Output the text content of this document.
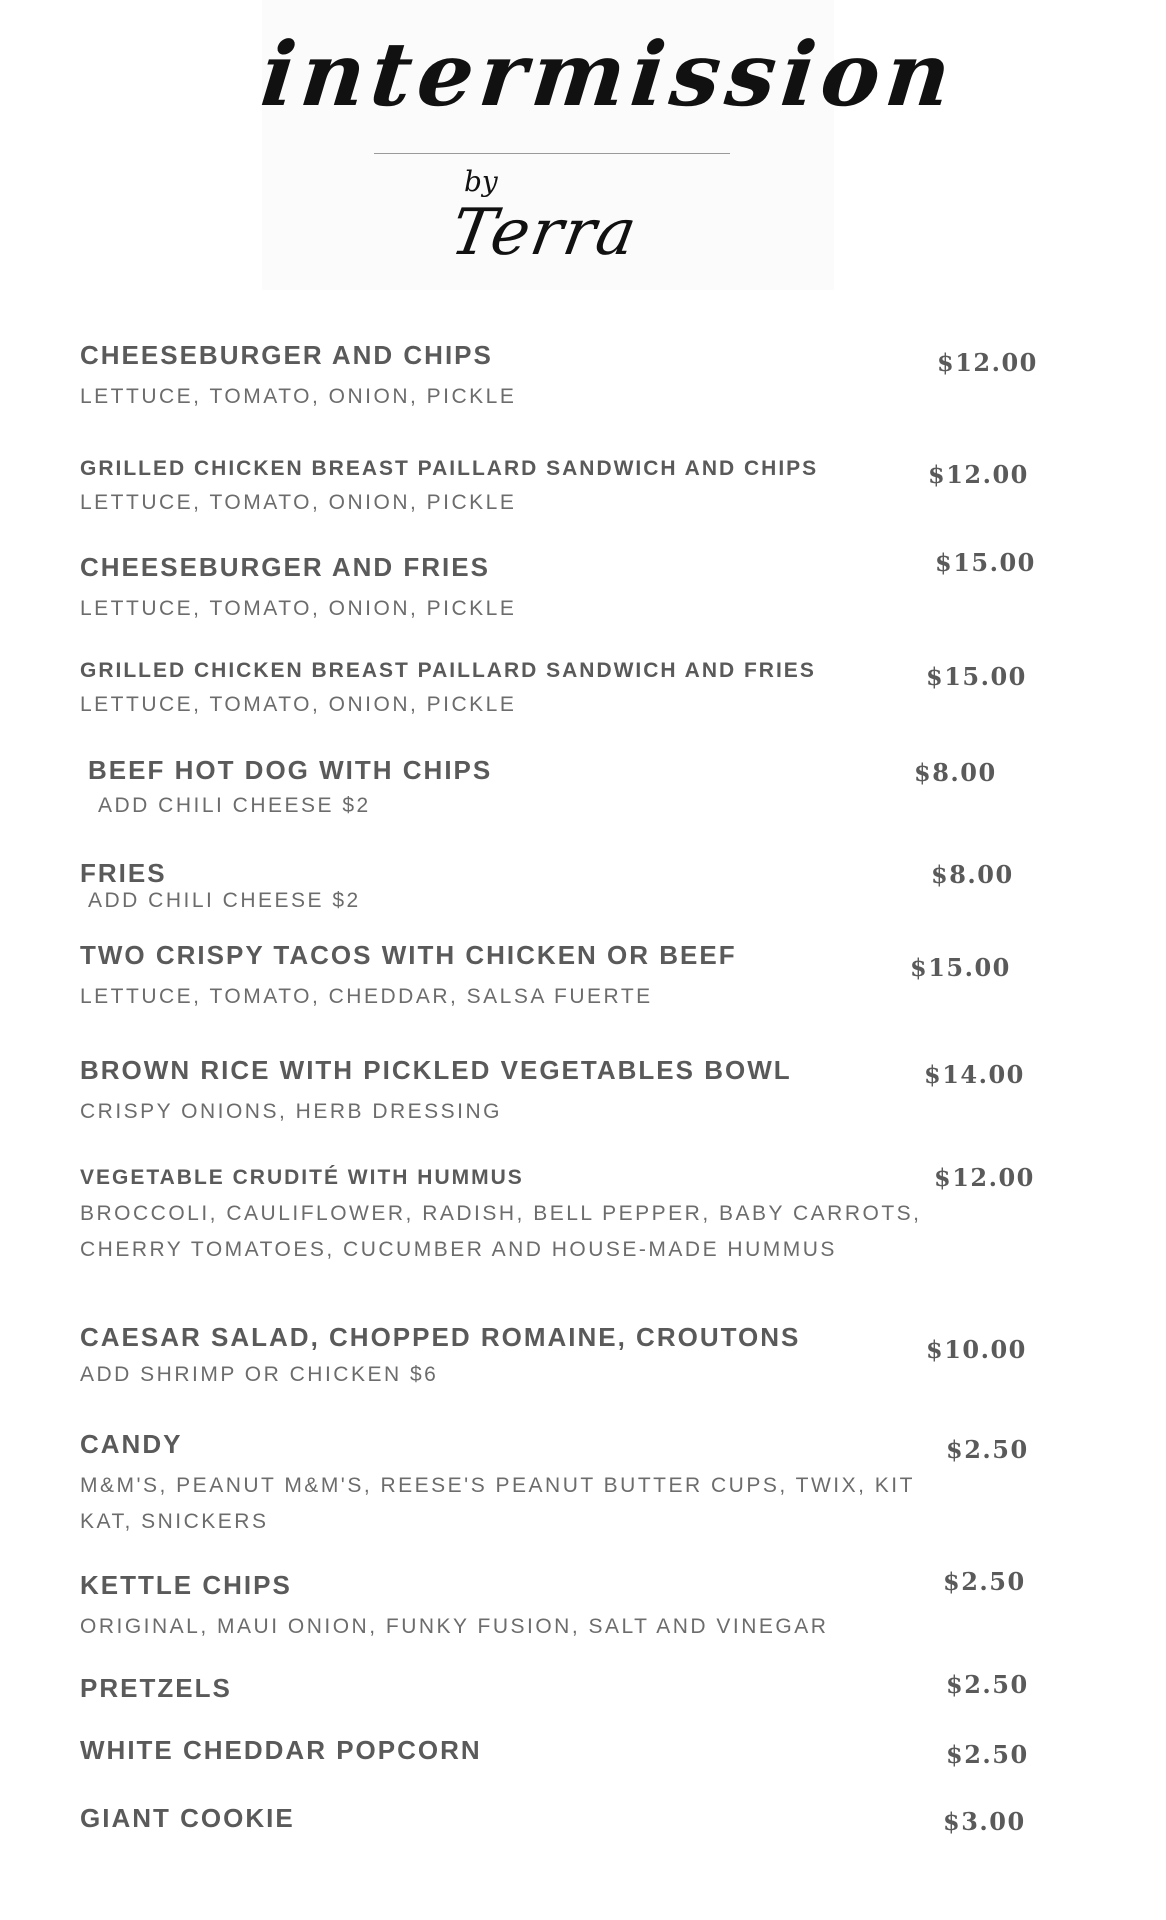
intermission
by
Terra
CHEESEBURGER AND CHIPS
LETTUCE, TOMATO, ONION, PICKLE
$12.00
GRILLED CHICKEN BREAST PAILLARD SANDWICH AND CHIPS
LETTUCE, TOMATO, ONION, PICKLE
$12.00
CHEESEBURGER AND FRIES
LETTUCE, TOMATO, ONION, PICKLE
$15.00
GRILLED CHICKEN BREAST PAILLARD SANDWICH AND FRIES
LETTUCE, TOMATO, ONION, PICKLE
$15.00
BEEF HOT DOG WITH CHIPS
ADD CHILI CHEESE $2
$8.00
FRIES
ADD CHILI CHEESE $2
$8.00
TWO CRISPY TACOS WITH CHICKEN OR BEEF
LETTUCE, TOMATO, CHEDDAR, SALSA FUERTE
$15.00
BROWN RICE WITH PICKLED VEGETABLES BOWL
CRISPY ONIONS, HERB DRESSING
$14.00
VEGETABLE CRUDITÉ WITH HUMMUS
BROCCOLI, CAULIFLOWER, RADISH, BELL PEPPER, BABY CARROTS,
CHERRY TOMATOES, CUCUMBER AND HOUSE-MADE HUMMUS
$12.00
CAESAR SALAD, CHOPPED ROMAINE, CROUTONS
ADD SHRIMP OR CHICKEN $6
$10.00
CANDY
M&M'S, PEANUT M&M'S, REESE'S PEANUT BUTTER CUPS, TWIX, KIT
KAT, SNICKERS
$2.50
KETTLE CHIPS
ORIGINAL, MAUI ONION, FUNKY FUSION, SALT AND VINEGAR
$2.50
PRETZELS	$2.50
WHITE CHEDDAR POPCORN	$2.50
GIANT COOKIE	$3.00
